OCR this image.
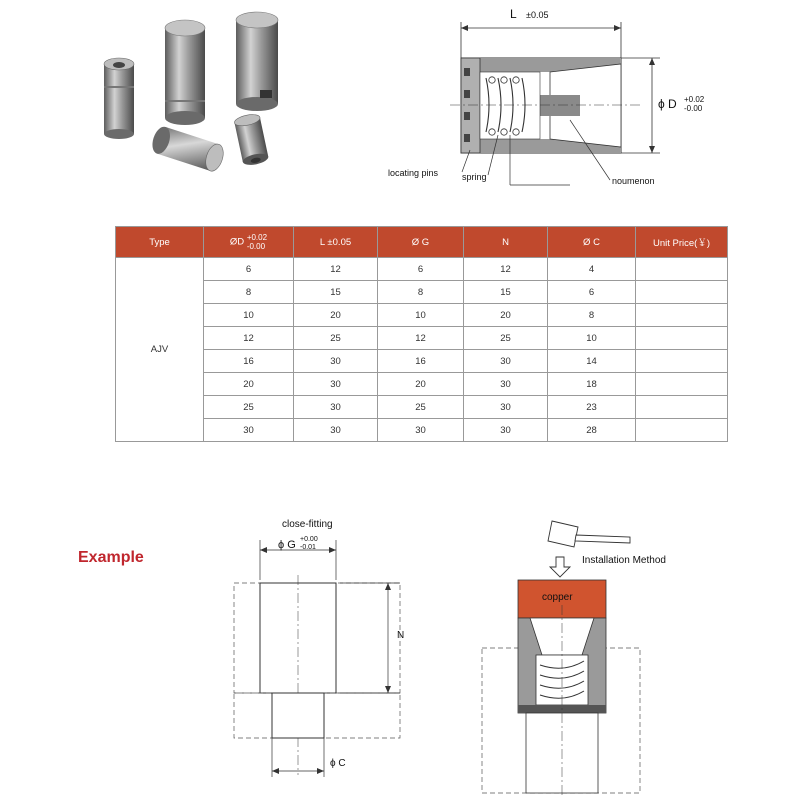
L ±0.05
ϕ D +0.02
-0.00
locating pins	spring	noumenon
Type	ØD +0.02
-0.00	L ±0.05	Ø G	N	Ø C	Unit Price(￥)
AJV	6	12	6	12	4	
	8	15	8	15	6	
	10	20	10	20	8	
	12	25	12	25	10	
	16	30	16	30	14	
	20	30	20	30	18	
	25	30	25	30	23	
	30	30	30	30	28	
Example
close-fitting
ϕ G +0.00
-0.01
N
ϕ C
Installation Method
copper
